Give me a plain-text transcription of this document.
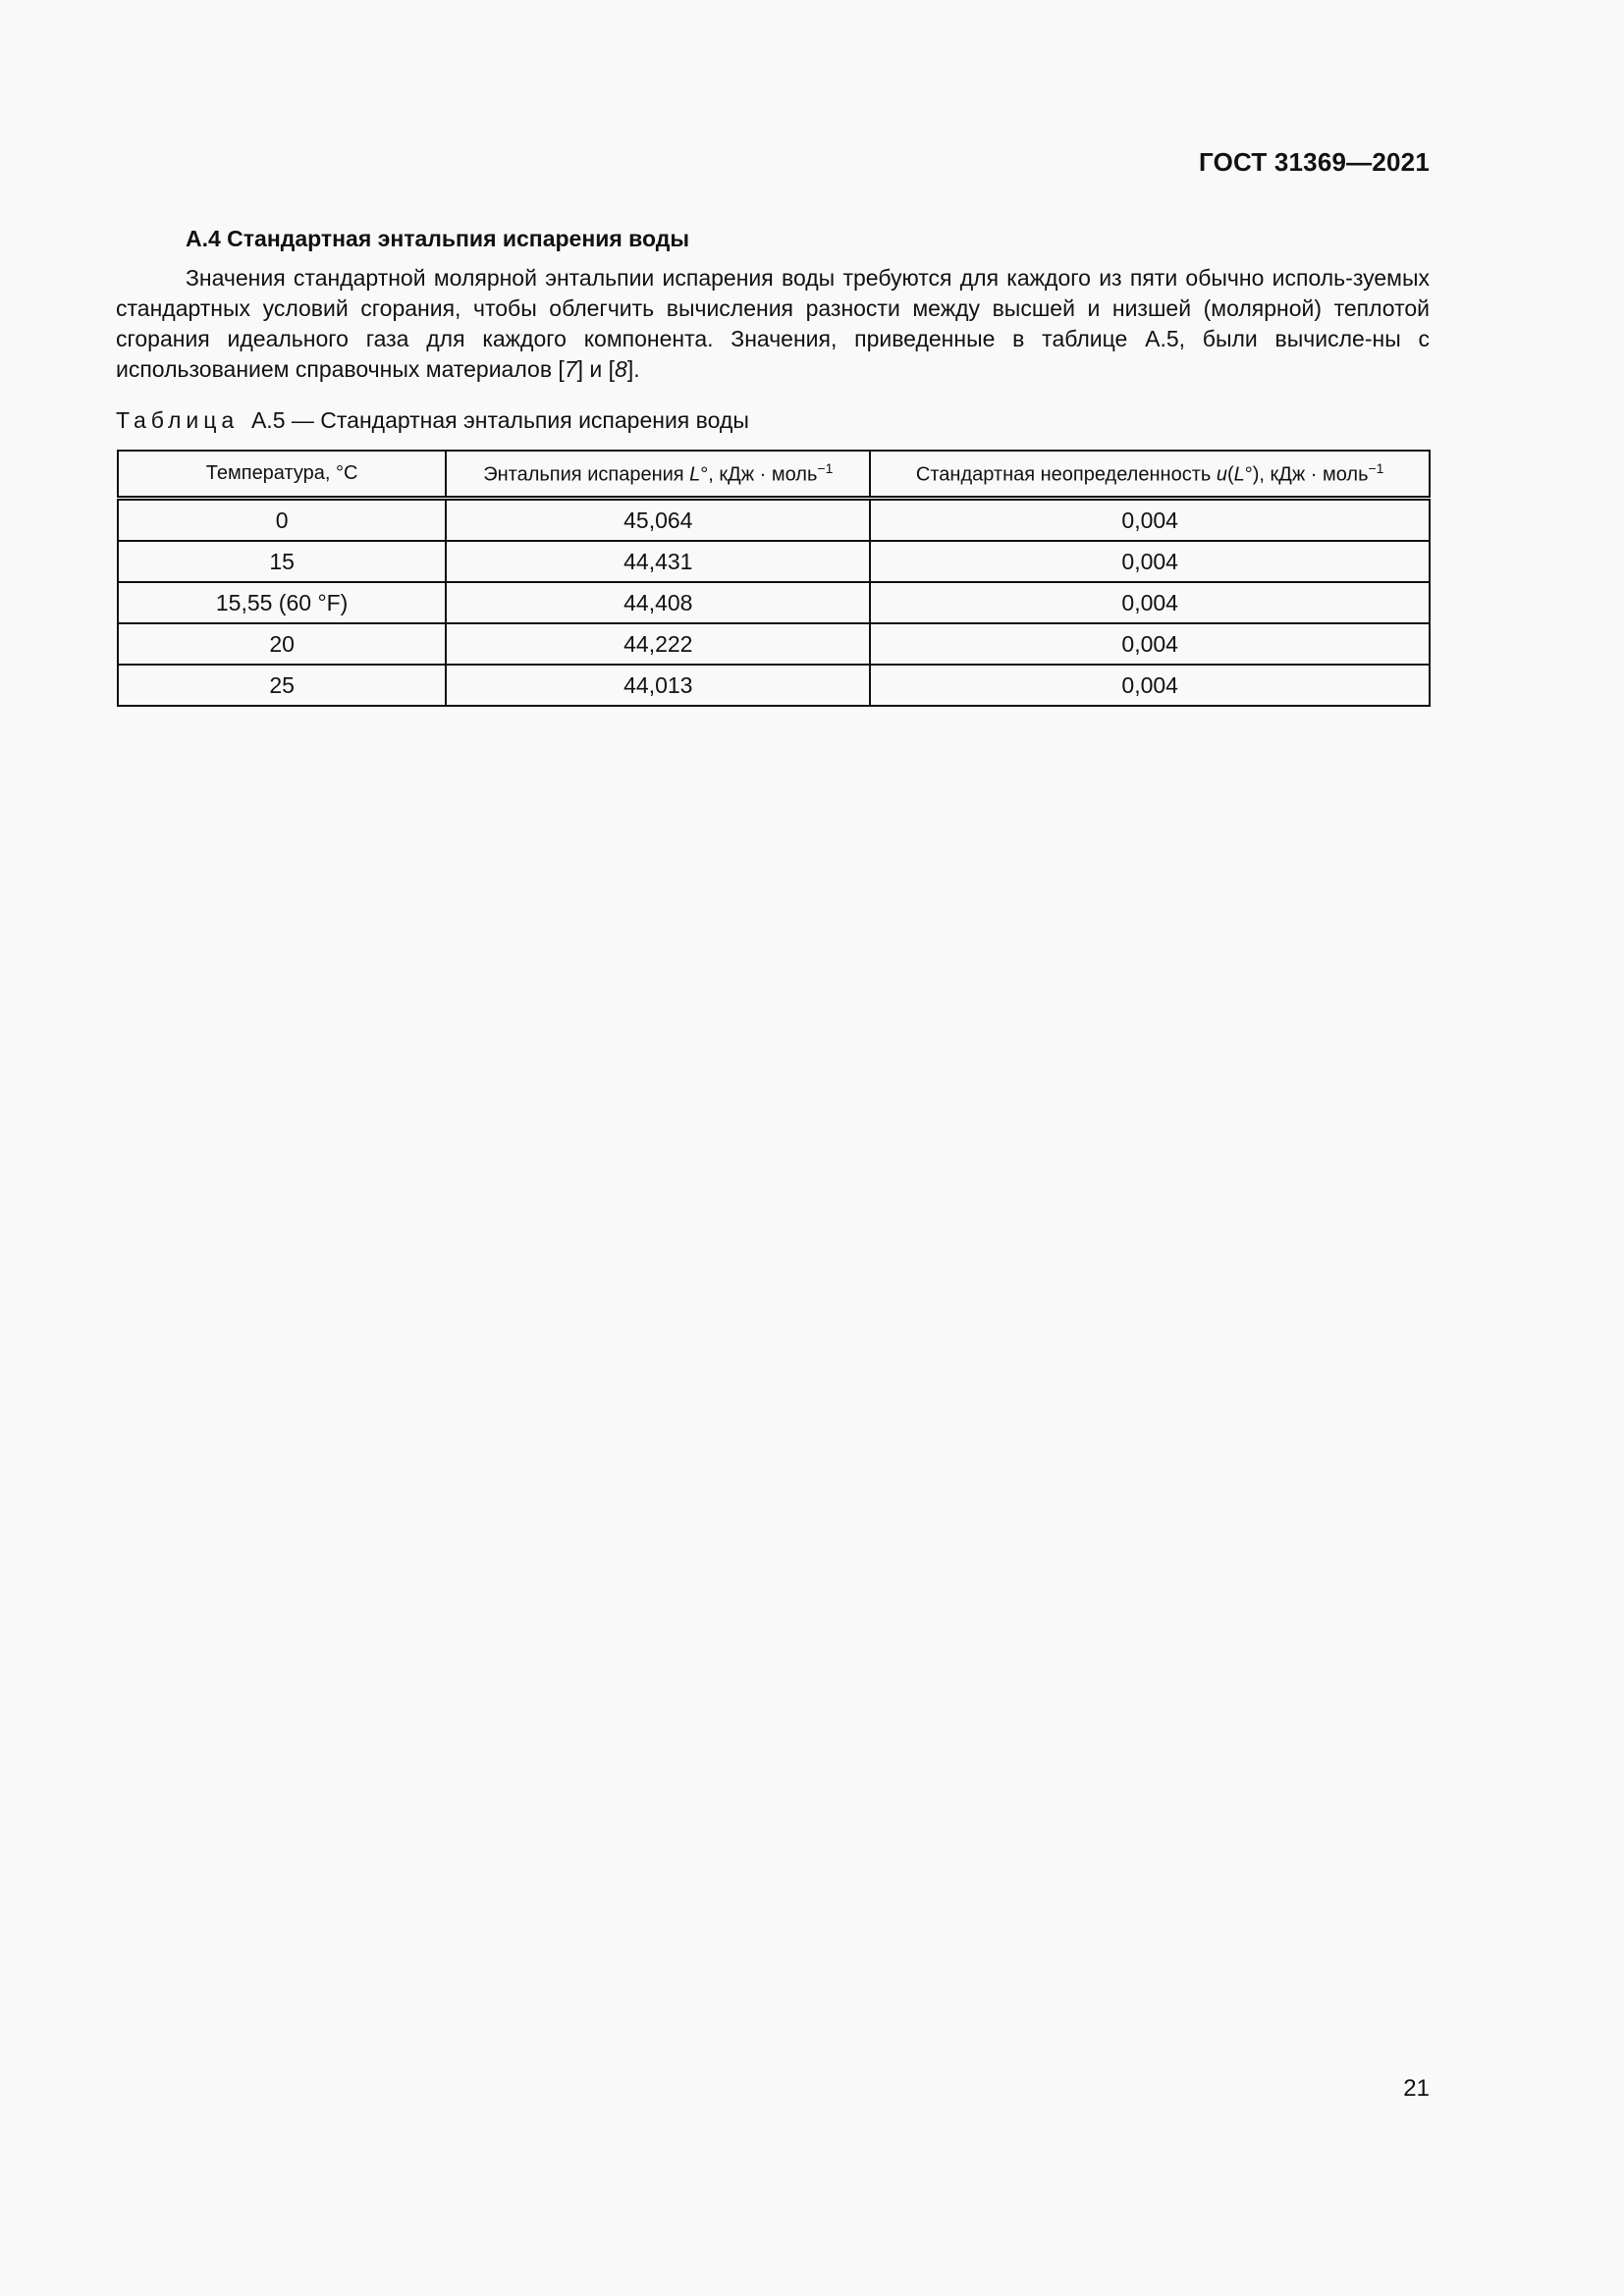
ГОСТ 31369—2021
А.4 Стандартная энтальпия испарения воды

Значения стандартной молярной энтальпии испарения воды требуются для каждого из пяти обычно исполь-зуемых стандартных условий сгорания, чтобы облегчить вычисления разности между высшей и низшей (молярной) теплотой сгорания идеального газа для каждого компонента. Значения, приведенные в таблице А.5, были вычисле-ны с использованием справочных материалов [7] и [8].

Таблица А.5 — Стандартная энтальпия испарения воды
Температура, °С	Энтальпия испарения L°, кДж · моль$^{-1}$	Стандартная неопределенность u(L°), кДж · моль$^{-1}$
0	45,064	0,004
15	44,431	0,004
15,55 (60 °F)	44,408	0,004
20	44,222	0,004
25	44,013	0,004
21
